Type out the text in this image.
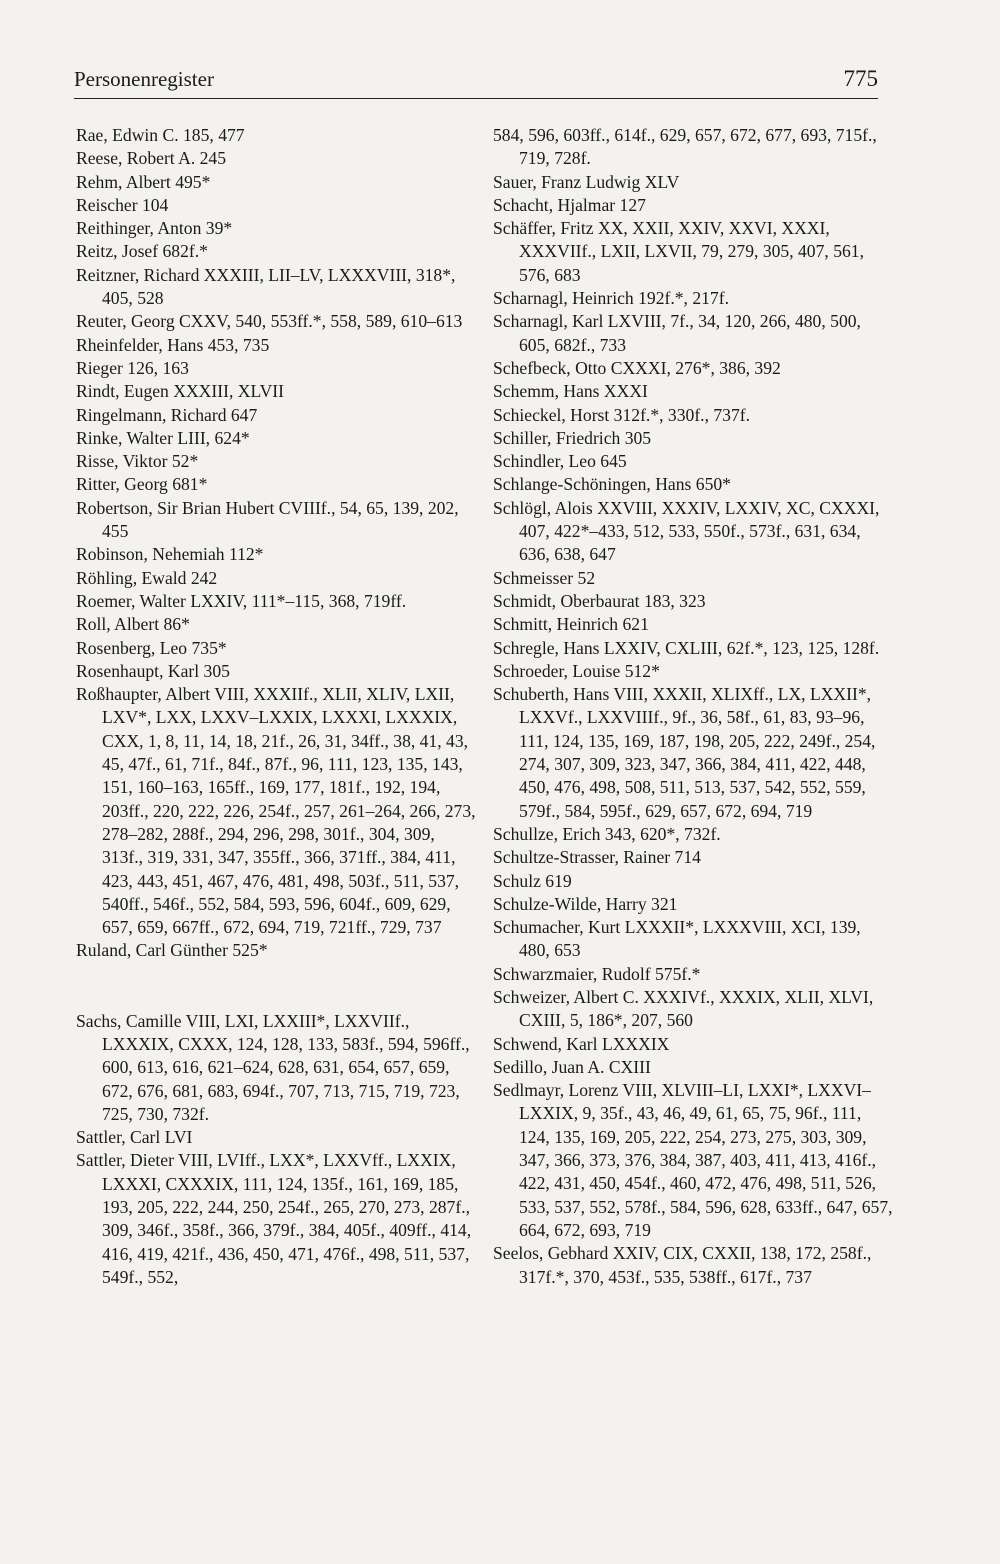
Personenregister	775
Rae, Edwin C. 185, 477
Reese, Robert A. 245
Rehm, Albert 495*
Reischer 104
Reithinger, Anton 39*
Reitz, Josef 682f.*
Reitzner, Richard XXXIII, LII–LV, LXXXVIII, 318*, 405, 528
Reuter, Georg CXXV, 540, 553ff.*, 558, 589, 610–613
Rheinfelder, Hans 453, 735
Rieger 126, 163
Rindt, Eugen XXXIII, XLVII
Ringelmann, Richard 647
Rinke, Walter LIII, 624*
Risse, Viktor 52*
Ritter, Georg 681*
Robertson, Sir Brian Hubert CVIIIf., 54, 65, 139, 202, 455
Robinson, Nehemiah 112*
Röhling, Ewald 242
Roemer, Walter LXXIV, 111*–115, 368, 719ff.
Roll, Albert 86*
Rosenberg, Leo 735*
Rosenhaupt, Karl 305
Roßhaupter, Albert VIII, XXXIIf., XLII, XLIV, LXII, LXV*, LXX, LXXV–LXXIX, LXXXI, LXXXIX, CXX, 1, 8, 11, 14, 18, 21f., 26, 31, 34ff., 38, 41, 43, 45, 47f., 61, 71f., 84f., 87f., 96, 111, 123, 135, 143, 151, 160–163, 165ff., 169, 177, 181f., 192, 194, 203ff., 220, 222, 226, 254f., 257, 261–264, 266, 273, 278–282, 288f., 294, 296, 298, 301f., 304, 309, 313f., 319, 331, 347, 355ff., 366, 371ff., 384, 411, 423, 443, 451, 467, 476, 481, 498, 503f., 511, 537, 540ff., 546f., 552, 584, 593, 596, 604f., 609, 629, 657, 659, 667ff., 672, 694, 719, 721ff., 729, 737
Ruland, Carl Günther 525*
Sachs, Camille VIII, LXI, LXXIII*, LXXVIIf., LXXXIX, CXXX, 124, 128, 133, 583f., 594, 596ff., 600, 613, 616, 621–624, 628, 631, 654, 657, 659, 672, 676, 681, 683, 694f., 707, 713, 715, 719, 723, 725, 730, 732f.
Sattler, Carl LVI
Sattler, Dieter VIII, LVIff., LXX*, LXXVff., LXXIX, LXXXI, CXXXIX, 111, 124, 135f., 161, 169, 185, 193, 205, 222, 244, 250, 254f., 265, 270, 273, 287f., 309, 346f., 358f., 366, 379f., 384, 405f., 409ff., 414, 416, 419, 421f., 436, 450, 471, 476f., 498, 511, 537, 549f., 552,
584, 596, 603ff., 614f., 629, 657, 672, 677, 693, 715f., 719, 728f.
Sauer, Franz Ludwig XLV
Schacht, Hjalmar 127
Schäffer, Fritz XX, XXII, XXIV, XXVI, XXXI, XXXVIIf., LXII, LXVII, 79, 279, 305, 407, 561, 576, 683
Scharnagl, Heinrich 192f.*, 217f.
Scharnagl, Karl LXVIII, 7f., 34, 120, 266, 480, 500, 605, 682f., 733
Schefbeck, Otto CXXXI, 276*, 386, 392
Schemm, Hans XXXI
Schieckel, Horst 312f.*, 330f., 737f.
Schiller, Friedrich 305
Schindler, Leo 645
Schlange-Schöningen, Hans 650*
Schlögl, Alois XXVIII, XXXIV, LXXIV, XC, CXXXI, 407, 422*–433, 512, 533, 550f., 573f., 631, 634, 636, 638, 647
Schmeisser 52
Schmidt, Oberbaurat 183, 323
Schmitt, Heinrich 621
Schregle, Hans LXXIV, CXLIII, 62f.*, 123, 125, 128f.
Schroeder, Louise 512*
Schuberth, Hans VIII, XXXII, XLIXff., LX, LXXII*, LXXVf., LXXVIIIf., 9f., 36, 58f., 61, 83, 93–96, 111, 124, 135, 169, 187, 198, 205, 222, 249f., 254, 274, 307, 309, 323, 347, 366, 384, 411, 422, 448, 450, 476, 498, 508, 511, 513, 537, 542, 552, 559, 579f., 584, 595f., 629, 657, 672, 694, 719
Schullze, Erich 343, 620*, 732f.
Schultze-Strasser, Rainer 714
Schulz 619
Schulze-Wilde, Harry 321
Schumacher, Kurt LXXXII*, LXXXVIII, XCI, 139, 480, 653
Schwarzmaier, Rudolf 575f.*
Schweizer, Albert C. XXXIVf., XXXIX, XLII, XLVI, CXIII, 5, 186*, 207, 560
Schwend, Karl LXXXIX
Sedillo, Juan A. CXIII
Sedlmayr, Lorenz VIII, XLVIII–LI, LXXI*, LXXVI–LXXIX, 9, 35f., 43, 46, 49, 61, 65, 75, 96f., 111, 124, 135, 169, 205, 222, 254, 273, 275, 303, 309, 347, 366, 373, 376, 384, 387, 403, 411, 413, 416f., 422, 431, 450, 454f., 460, 472, 476, 498, 511, 526, 533, 537, 552, 578f., 584, 596, 628, 633ff., 647, 657, 664, 672, 693, 719
Seelos, Gebhard XXIV, CIX, CXXII, 138, 172, 258f., 317f.*, 370, 453f., 535, 538ff., 617f., 737
